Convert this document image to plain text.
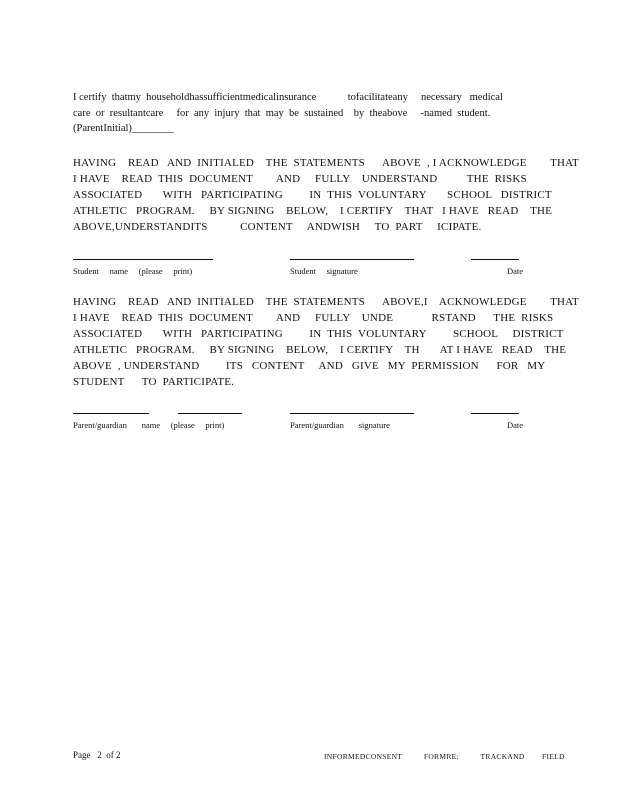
I certify  thatmy  householdhassufficientmedicalinsurance            tofacilitateany     necessary   medical
care  or  resultantcare     for  any  injury  that  may  be  sustained    by  theabove     -named  student.
(ParentInitial)________
HAVING    READ   AND  INITIALED    THE  STATEMENTS      ABOVE  , I ACKNOWLEDGE        THAT
I HAVE    READ  THIS  DOCUMENT        AND     FULLY    UNDERSTAND          THE  RISKS
ASSOCIATED       WITH   PARTICIPATING         IN  THIS  VOLUNTARY       SCHOOL   DISTRICT
ATHLETIC   PROGRAM.     BY SIGNING    BELOW,    I CERTIFY    THAT   I HAVE   READ    THE
ABOVE,UNDERSTANDITS           CONTENT     ANDWISH     TO  PART     ICIPATE.
Student     name     (please     print)	Student     signature	Date
HAVING    READ   AND  INITIALED    THE  STATEMENTS      ABOVE,I    ACKNOWLEDGE        THAT
I HAVE    READ  THIS  DOCUMENT        AND     FULLY    UNDE             RSTAND      THE  RISKS
ASSOCIATED       WITH   PARTICIPATING         IN  THIS  VOLUNTARY         SCHOOL     DISTRICT
ATHLETIC   PROGRAM.     BY SIGNING    BELOW,    I CERTIFY    TH       AT I HAVE   READ    THE
ABOVE  , UNDERSTAND         ITS   CONTENT     AND   GIVE   MY  PERMISSION      FOR   MY
STUDENT      TO  PARTICIPATE.
Parent/guardian       name     (please     print)	Parent/guardian       signature	Date
Page   2  of 2	INFORMEDCONSENT          FORMRE:          TRACKAND        FIELD
